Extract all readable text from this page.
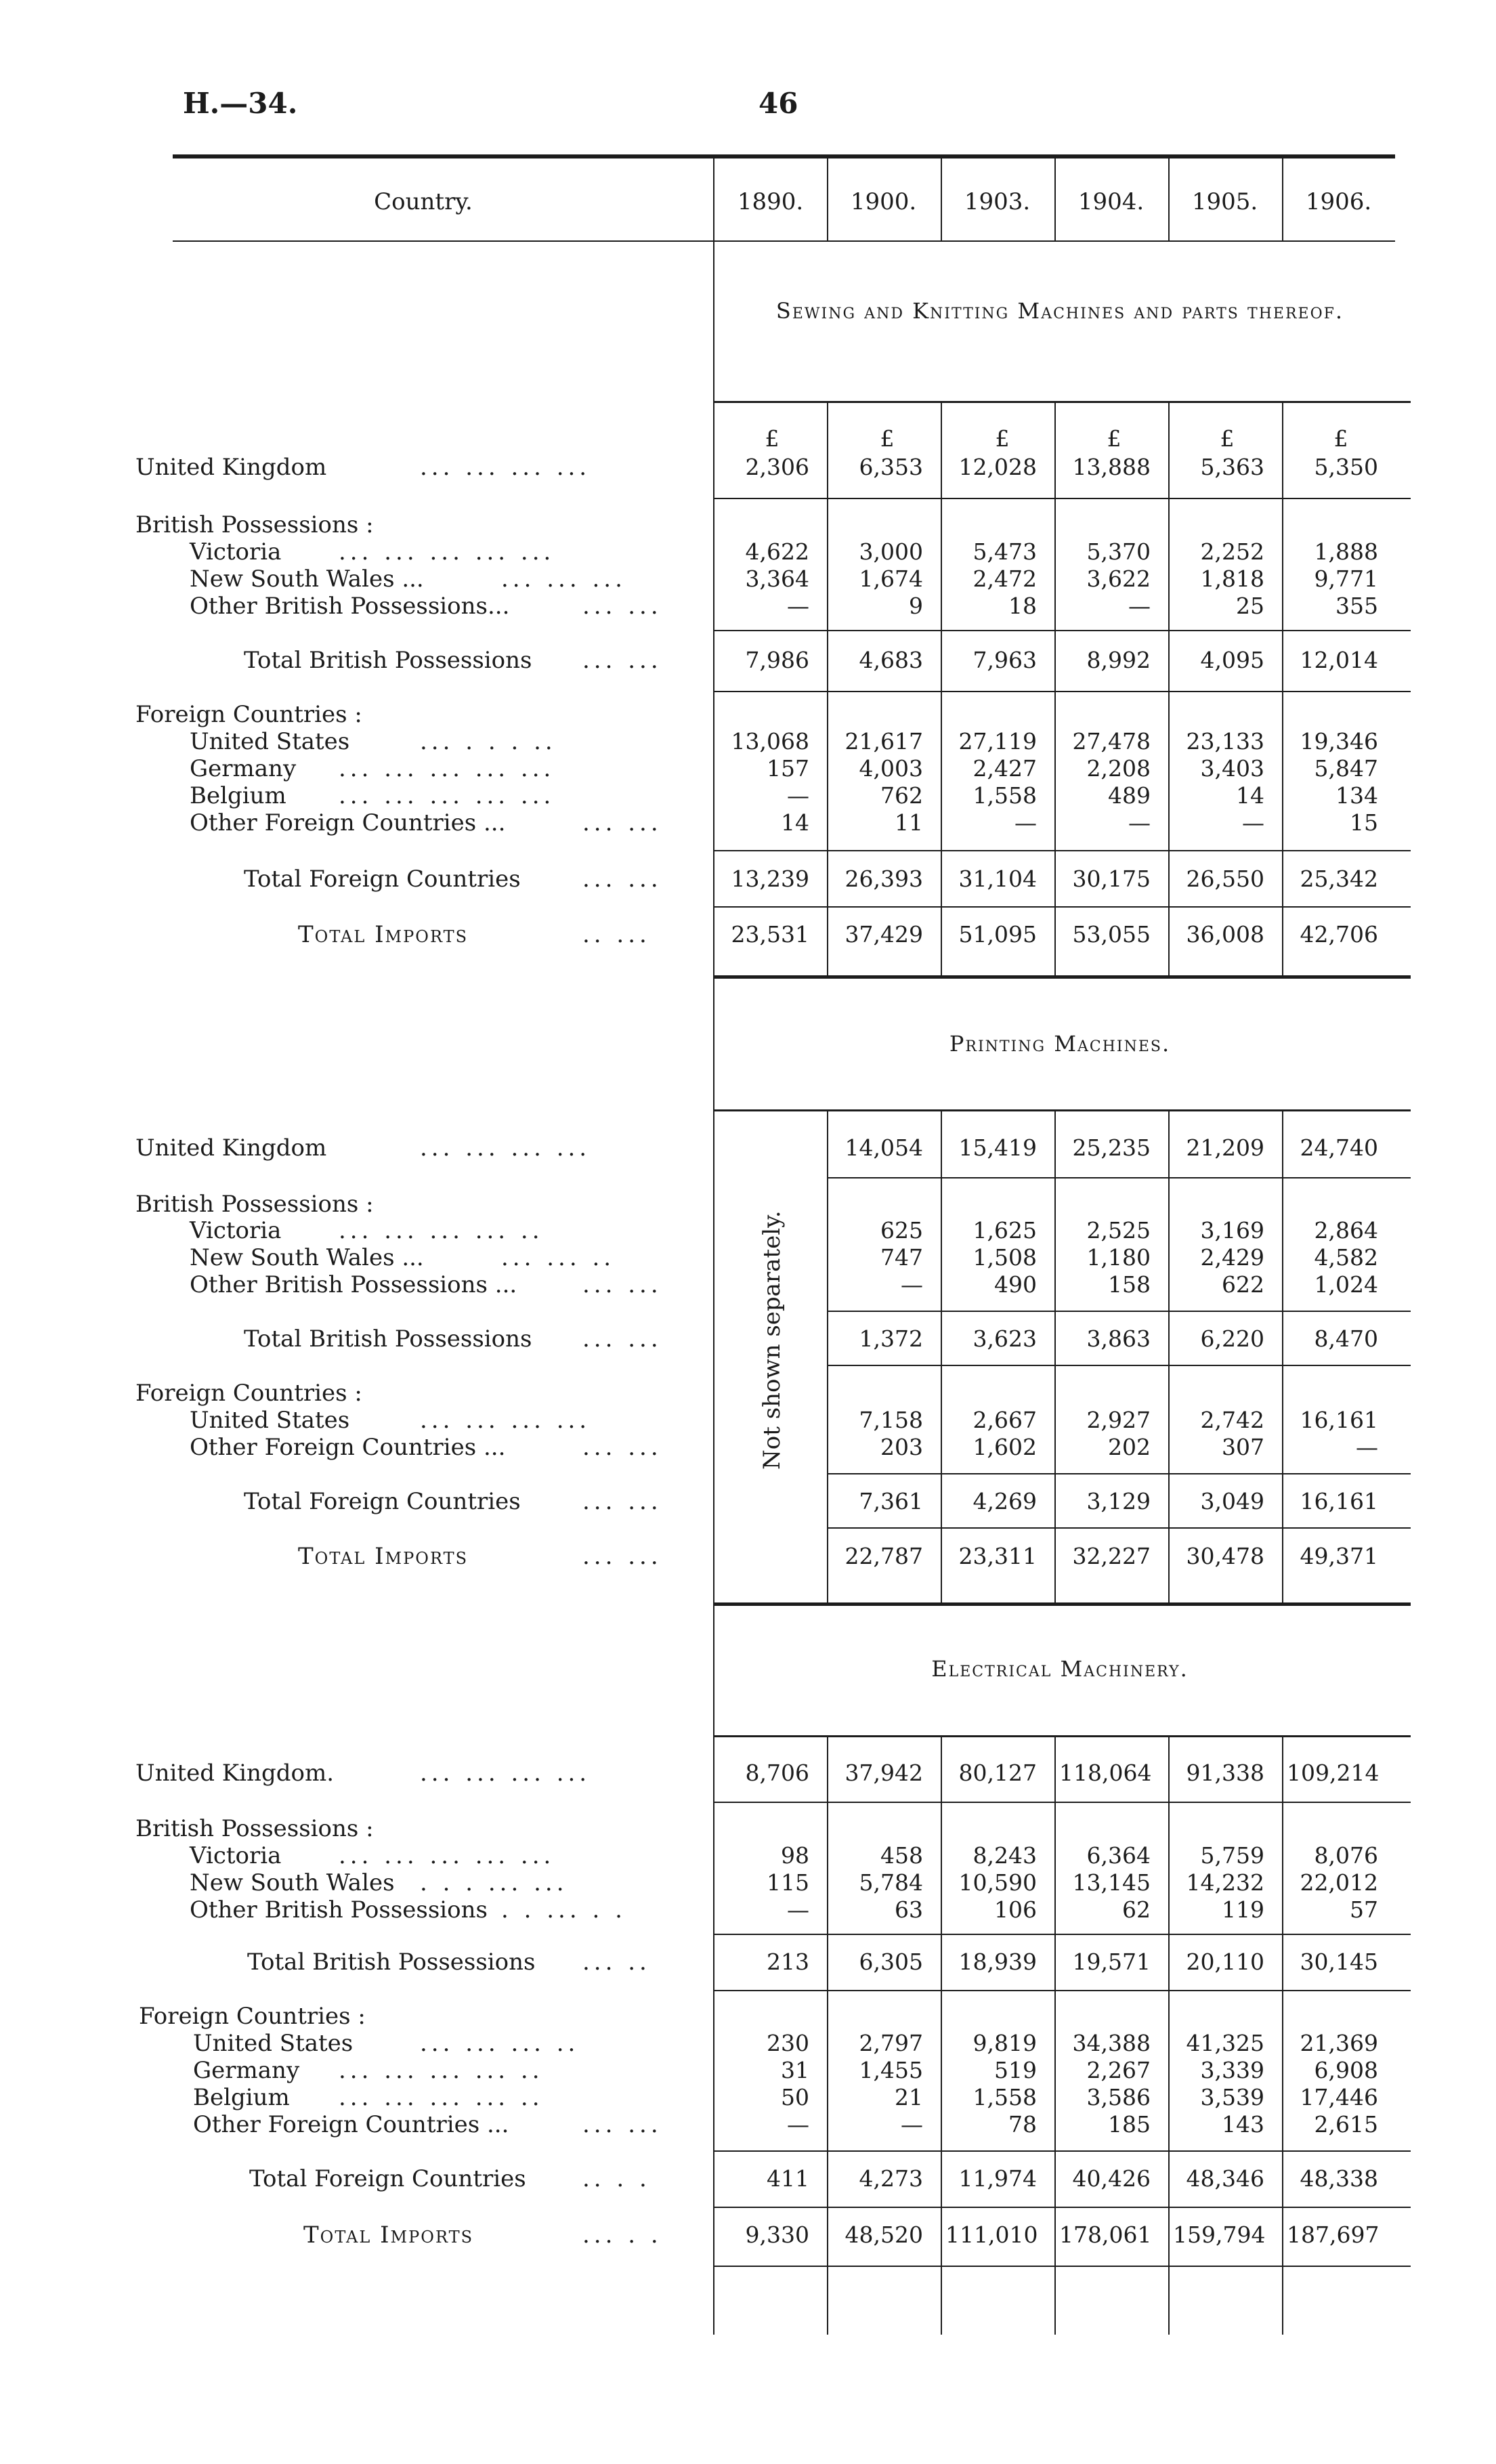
H.—34.	46
Country.	1890.	1900.	1903.	1904.	1905.	1906.
Sewing and Knitting Machines and parts thereof.
£	£	£	£	£	£
United Kingdom	... ... ... ...	2,306	6,353	12,028	13,888	5,363	5,350
British Possessions :
Victoria ... ... ... ... ...	4,622	3,000	5,473	5,370	2,252	1,888
New South Wales ...	... ... ...	3,364	1,674	2,472	3,622	1,818	9,771
Other British Possessions...	... ...	—	9	18	—	25	355
Total British Possessions ... ...	7,986	4,683	7,963	8,992	4,095	12,014
Foreign Countries :
United States	... . . . ..	13,068	21,617	27,119	27,478	23,133	19,346
Germany ... ... ... ... ...	157	4,003	2,427	2,208	3,403	5,847
Belgium ... ... ... ... ...	—	762	1,558	489	14	134
Other Foreign Countries ...	... ...	14	11	—	—	—	15
Total Foreign Countries	... ...	13,239	26,393	31,104	30,175	26,550	25,342
Total Imports	.. ...	23,531	37,429	51,095	53,055	36,008	42,706
Printing Machines.
Not shown separately.
United Kingdom	... ... ... ...	14,054	15,419	25,235	21,209	24,740
British Possessions :
Victoria ... ... ... ... ..	625	1,625	2,525	3,169	2,864
New South Wales ...	... ... ..	747	1,508	1,180	2,429	4,582
Other British Possessions ...	... ...	—	490	158	622	1,024
Total British Possessions ... ...	1,372	3,623	3,863	6,220	8,470
Foreign Countries :
United States	... ... ... ...	7,158	2,667	2,927	2,742	16,161
Other Foreign Countries ...	... ...	203	1,602	202	307	—
Total Foreign Countries	... ...	7,361	4,269	3,129	3,049	16,161
Total Imports	... ...	22,787	23,311	32,227	30,478	49,371
Electrical Machinery.
United Kingdom.	... ... ... ...	8,706	37,942	80,127 118,064	91,338 109,214
British Possessions :
Victoria ... ... ... ... ...	98	458	8,243	6,364	5,759	8,076
New South Wales . . . ... ...	115	5,784	10,590	13,145	14,232	22,012
Other British Possessions . . ... . .	—	63	106	62	119	57
Total British Possessions ... ..	213	6,305	18,939	19,571	20,110	30,145
Foreign Countries :
United States	... ... ... ..	230	2,797	9,819	34,388	41,325	21,369
Germany ... ... ... ... ..	31	1,455	519	2,267	3,339	6,908
Belgium ... ... ... ... ..	50	21	1,558	3,586	3,539	17,446
Other Foreign Countries ...	... ...	—	—	78	185	143	2,615
Total Foreign Countries .. . .	411	4,273	11,974	40,426	48,346	48,338
Total Imports	... . .	9,330	48,520 111,010 178,061 159,794 187,697
